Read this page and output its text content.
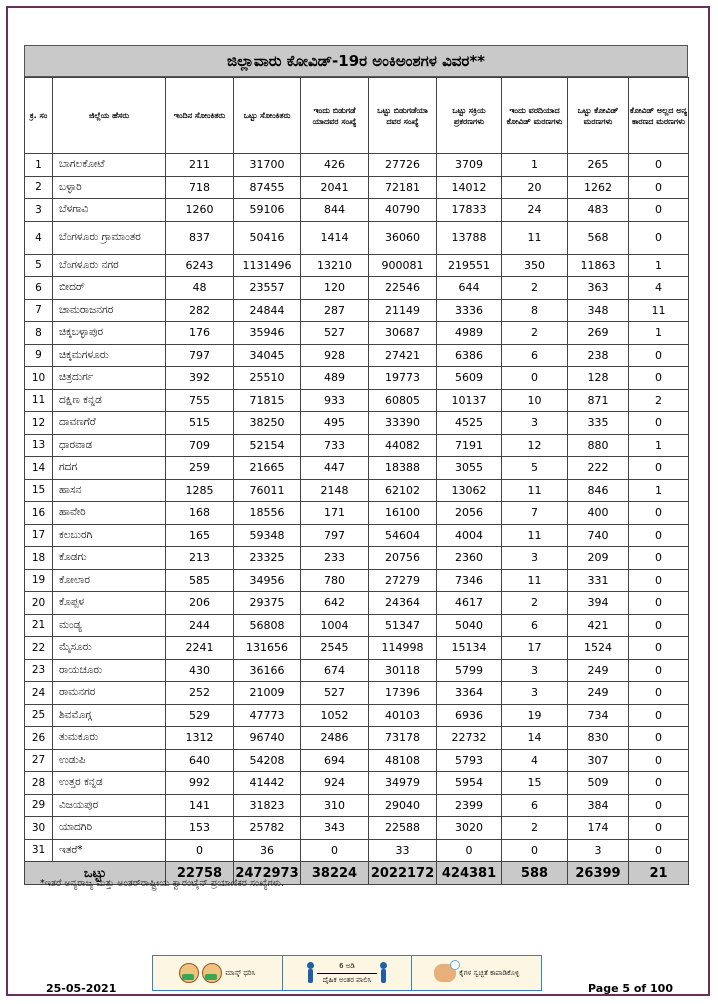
ಜಿಲ್ಲಾವಾರು ಕೋವಿಡ್‌-19ರ ಅಂಕಿಅಂಶಗಳ ವಿವರ**
ಕ್ರ. ಸಂ	ಜಿಲ್ಲೆಯ ಹೆಸರು	ಇಂದಿನ ಸೋಂಕಿತರು	ಒಟ್ಟು ಸೋಂಕಿತರು	ಇಂದು ಬಿಡುಗಡೆ ಯಾದವರ ಸಂಖ್ಯೆ	ಒಟ್ಟು ಬಿಡುಗಡೆಯಾ ದವರ ಸಂಖ್ಯೆ	ಒಟ್ಟು ಸಕ್ರಿಯ ಪ್ರಕರಣಗಳು	ಇಂದು ವರದಿಯಾದ ಕೋವಿಡ್‌ ಮರಣಗಳು	ಒಟ್ಟು ಕೋವಿಡ್‌ ಮರಣಗಳು	ಕೋವಿಡ್‌ ಅಲ್ಲದ ಅನ್ಯ ಕಾರಣದ ಮರಣಗಳು
1	ಬಾಗಲಕೋಟೆ	211	31700	426	27726	3709	1	265	0
2	ಬಳ್ಳಾರಿ	718	87455	2041	72181	14012	20	1262	0
3	ಬೆಳಗಾವಿ	1260	59106	844	40790	17833	24	483	0
4	ಬೆಂಗಳೂರು ಗ್ರಾಮಾಂತರ	837	50416	1414	36060	13788	11	568	0
5	ಬೆಂಗಳೂರು ನಗರ	6243	1131496	13210	900081	219551	350	11863	1
6	ಬೀದರ್	48	23557	120	22546	644	2	363	4
7	ಚಾಮರಾಜನಗರ	282	24844	287	21149	3336	8	348	11
8	ಚಿಕ್ಕಬಳ್ಳಾಪುರ	176	35946	527	30687	4989	2	269	1
9	ಚಿಕ್ಕಮಗಳೂರು	797	34045	928	27421	6386	6	238	0
10	ಚಿತ್ರದುರ್ಗ	392	25510	489	19773	5609	0	128	0
11	ದಕ್ಷಿಣ ಕನ್ನಡ	755	71815	933	60805	10137	10	871	2
12	ದಾವಣಗೆರೆ	515	38250	495	33390	4525	3	335	0
13	ಧಾರವಾಡ	709	52154	733	44082	7191	12	880	1
14	ಗದಗ	259	21665	447	18388	3055	5	222	0
15	ಹಾಸನ	1285	76011	2148	62102	13062	11	846	1
16	ಹಾವೇರಿ	168	18556	171	16100	2056	7	400	0
17	ಕಲಬುರಗಿ	165	59348	797	54604	4004	11	740	0
18	ಕೊಡಗು	213	23325	233	20756	2360	3	209	0
19	ಕೋಲಾರ	585	34956	780	27279	7346	11	331	0
20	ಕೊಪ್ಪಳ	206	29375	642	24364	4617	2	394	0
21	ಮಂಡ್ಯ	244	56808	1004	51347	5040	6	421	0
22	ಮೈಸೂರು	2241	131656	2545	114998	15134	17	1524	0
23	ರಾಯಚೂರು	430	36166	674	30118	5799	3	249	0
24	ರಾಮನಗರ	252	21009	527	17396	3364	3	249	0
25	ಶಿವಮೊಗ್ಗ	529	47773	1052	40103	6936	19	734	0
26	ತುಮಕೂರು	1312	96740	2486	73178	22732	14	830	0
27	ಉಡುಪಿ	640	54208	694	48108	5793	4	307	0
28	ಉತ್ತರ ಕನ್ನಡ	992	41442	924	34979	5954	15	509	0
29	ವಿಜಯಪುರ	141	31823	310	29040	2399	6	384	0
30	ಯಾದಗಿರಿ	153	25782	343	22588	3020	2	174	0
31	ಇತರೆ*	0	36	0	33	0	0	3	0
ಒಟ್ಟು		22758	2472973	38224	2022172	424381	588	26399	21
*ಇತರೆ ಅನ್ಯರಾಜ್ಯ ಮತ್ತು ಅಂತರ್‌ರಾಷ್ಟ್ರೀಯ ಕ್ವಾರಂಟೈನ್ ಪ್ರಯಾಣಿಕರ ಸಂಖ್ಯೆಗಳು.
ಮಾಸ್ಕ್ ಧರಿಸಿ
6 ಅಡಿ
ದೈಹಿಕ ಅಂತರ ಪಾಲಿಸಿ
ಕೈಗಳ ಸ್ವಚ್ಛತೆ ಕಾಪಾಡಿಕೊಳ್ಳಿ
25-05-2021	Page 5 of 100
